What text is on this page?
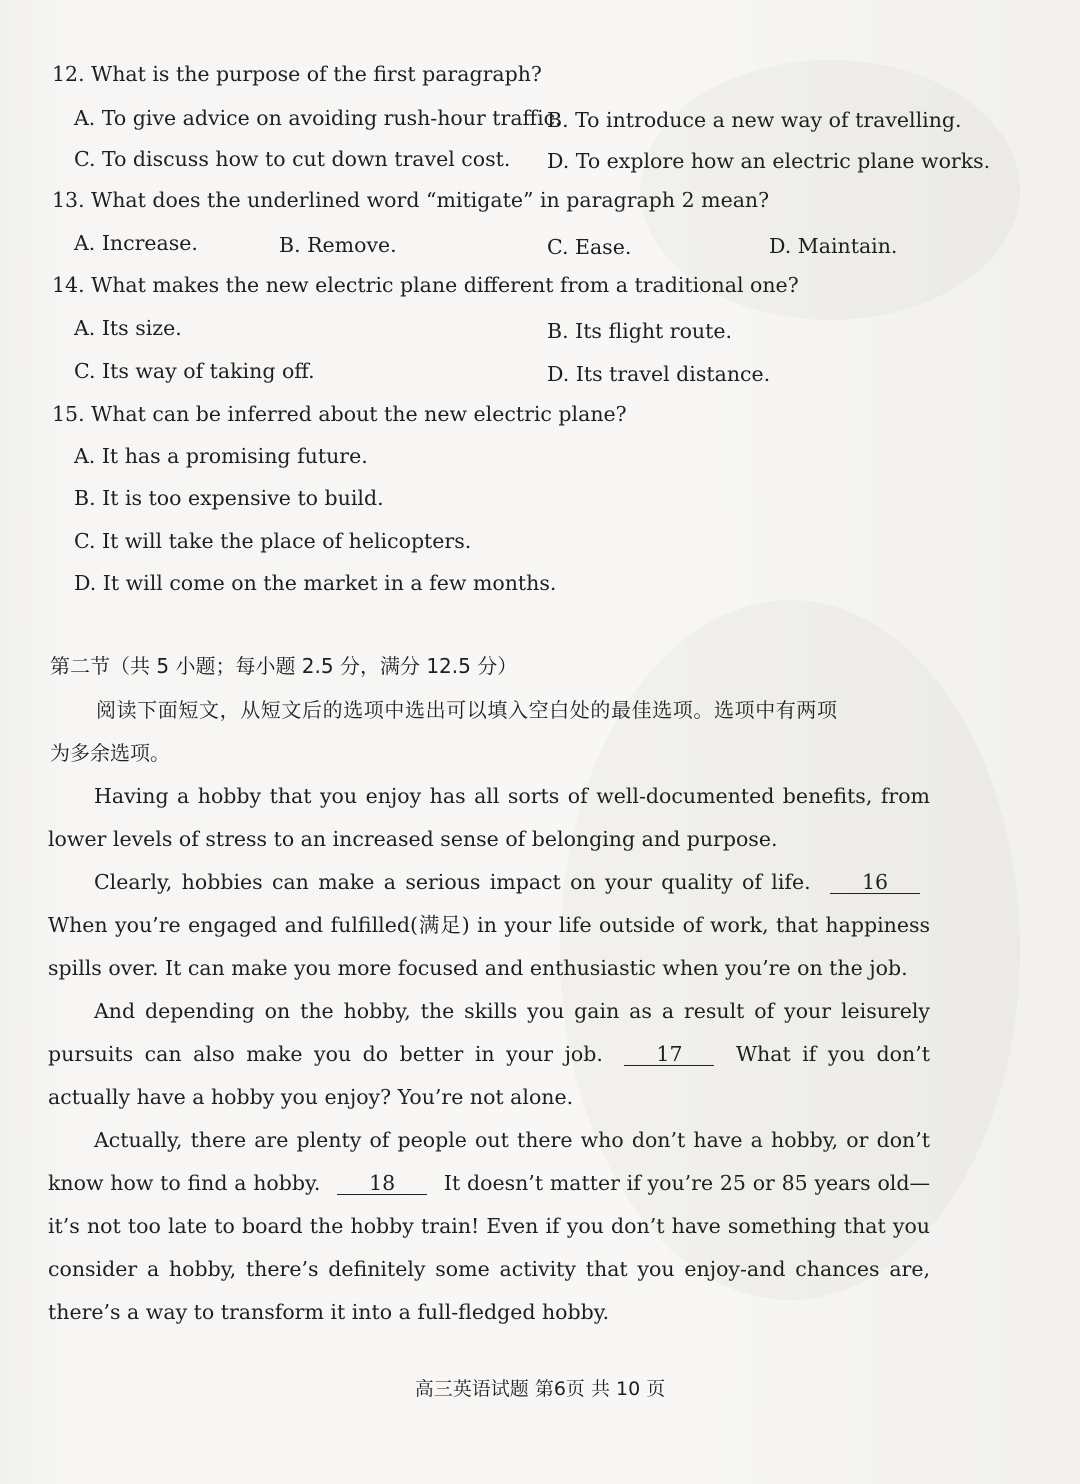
12. What is the purpose of the first paragraph?
A. To give advice on avoiding rush-hour traffic.
B. To introduce a new way of travelling.
C. To discuss how to cut down travel cost. D. To explore how an electric plane works.
13. What does the underlined word “mitigate” in paragraph 2 mean?
A. Increase.	B. Remove.	C. Ease.	D. Maintain.
14. What makes the new electric plane different from a traditional one?
A. Its size.	B. Its flight route.
C. Its way of taking off.	D. Its travel distance.
15. What can be inferred about the new electric plane?
A. It has a promising future.
B. It is too expensive to build.
C. It will take the place of helicopters.
D. It will come on the market in a few months.
第二节（共 5 小题；每小题 2.5 分，满分 12.5 分）
阅读下面短文，从短文后的选项中选出可以填入空白处的最佳选项。选项中有两项
为多余选项。
Having a hobby that you enjoy has all sorts of well-documented benefits, from lower levels of stress to an increased sense of belonging and purpose.
Clearly, hobbies can make a serious impact on your quality of life.	16 When you’re engaged and fulfilled(满足) in your life outside of work, that happiness spills over. It can make you more focused and enthusiastic when you’re on the job.
And depending on the hobby, the skills you gain as a result of your leisurely pursuits can also make you do better in your job.	17	What if you don’t actually have a hobby you enjoy? You’re not alone.
Actually, there are plenty of people out there who don’t have a hobby, or don’t know how to find a hobby. 18 It doesn’t matter if you’re 25 or 85 years old—it’s not too late to board the hobby train! Even if you don’t have something that you consider a hobby, there’s definitely some activity that you enjoy-and chances are, there’s a way to transform it into a full-fledged hobby.
高三英语试题 第6页 共 10 页
